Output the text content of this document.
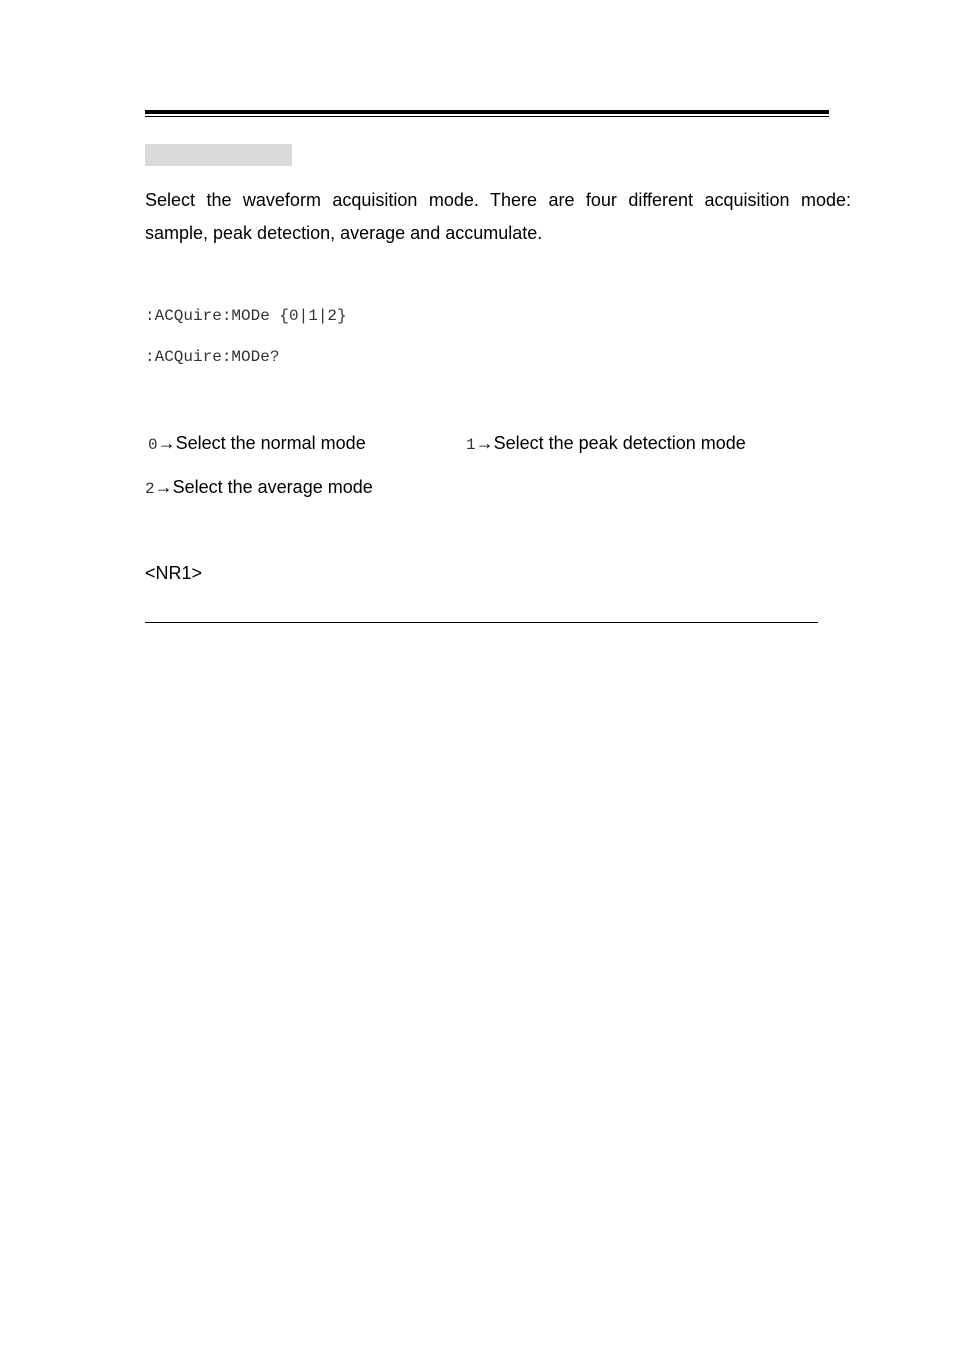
Select the waveform acquisition mode. There are four different acquisition mode: sample, peak detection, average and accumulate.

:ACQuire:MODe {0|1|2}
:ACQuire:MODe?
0→Select the normal mode	1→Select the peak detection mode
2→Select the average mode
<NR1>
